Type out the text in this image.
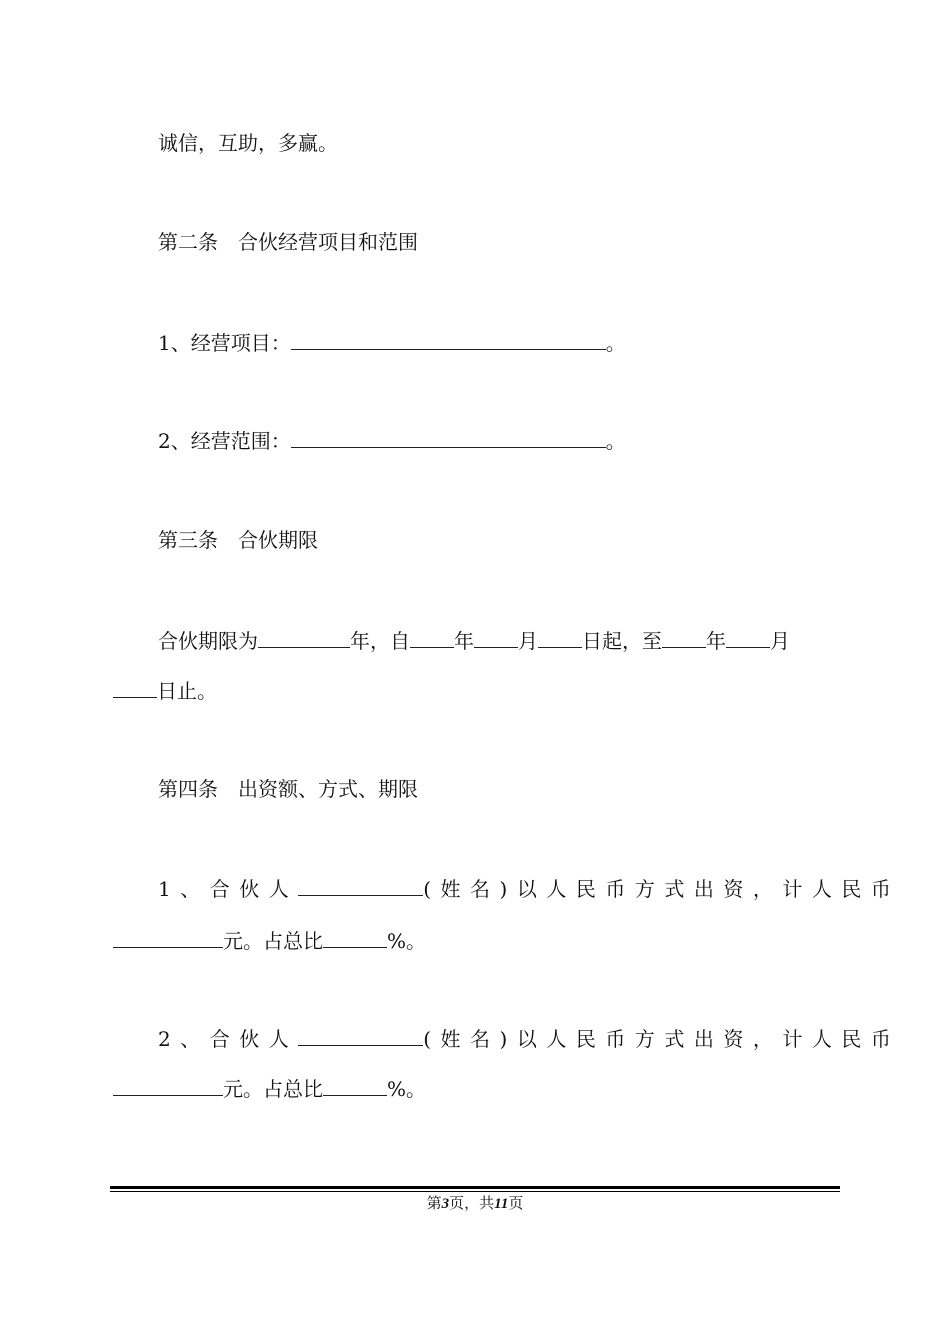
诚信，互助，多赢。
第二条 合伙经营项目和范围
1、经营项目：	。
2、经营范围：	。
第三条 合伙期限
合伙期限为	年，自 年 月 日起，至 年 月
日止。
第四条 出资额、方式、期限
1、合伙人	(姓名)以人民币方式出资，计人民币
元。占总比	%。
2、合伙人	(姓名)以人民币方式出资，计人民币
元。占总比	%。
第3页，共11页
